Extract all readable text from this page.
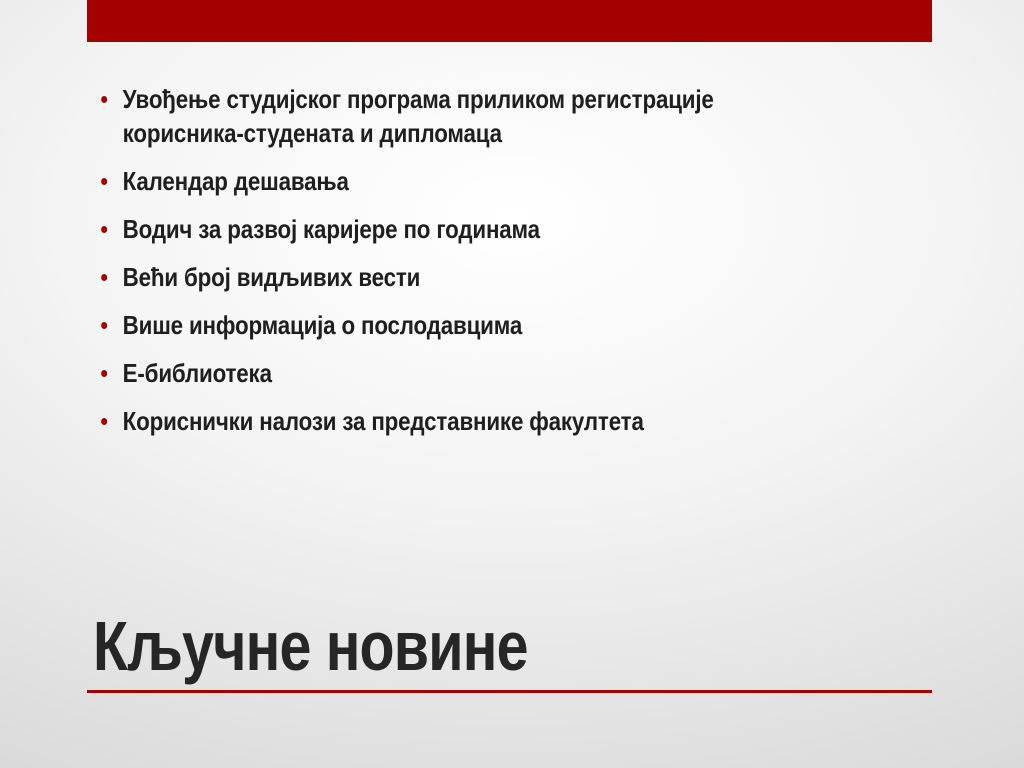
Увођење студијског програма приликом регистрације корисника-студената и дипломаца
Календар дешавања
Водич за развој каријере по годинама
Већи број видљивих вести
Више информација о послодавцима
Е-библиотека
Кориснички налози за представнике факултета
Кључне новине
